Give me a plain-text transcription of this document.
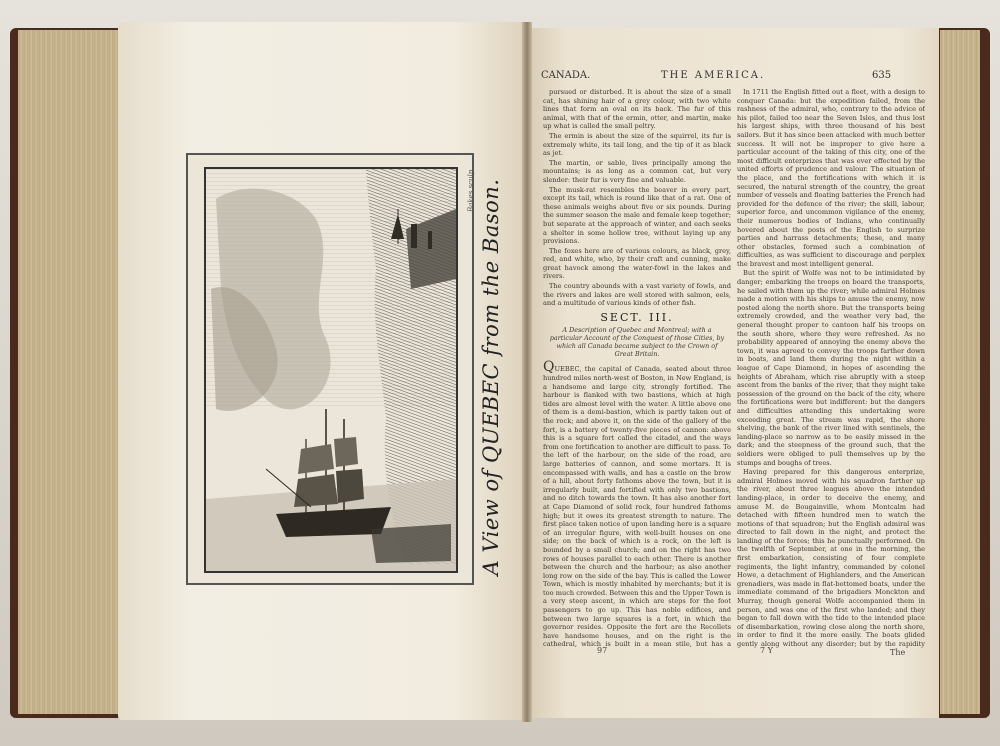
A View of QUEBEC from the Bason.
Bakes sculp.
CANADA.	THE AMERICA.	635

pursued or disturbed. It is about the size of a small cat, has shining hair of a grey colour, with two white lines that form an oval on its back. The fur of this animal, with that of the ermin, otter, and martin, make up what is called the small peltry.

The ermin is about the size of the squirrel, its fur is extremely white, its tail long, and the tip of it as black as jet.

The martin, or sable, lives principally among the mountains; is as long as a common cat, but very slender: their fur is very fine and valuable.

The musk-rat resembles the beaver in every part, except its tail, which is round like that of a rat. One of these animals weighs about five or six pounds. During the summer season the male and female keep together; but separate at the approach of winter, and each seeks a shelter in some hollow tree, without laying up any provisions.

The foxes here are of various colours, as black, grey, red, and white, who, by their craft and cunning, make great havock among the water-fowl in the lakes and rivers.

The country abounds with a vast variety of fowls, and the rivers and lakes are well stored with salmon, eels, and a multitude of various kinds of other fish.

SECT. III.
A Description of Quebec and Montreal; with a particular Account of the Conquest of those Cities, by which all Canada became subject to the Crown of Great Britain.

QUEBEC, the capital of Canada, seated about three hundred miles north-west of Boston, in New England, is a handsome and large city, strongly fortified. The harbour is flanked with two bastions, which at high tides are almost level with the water. A little above one of them is a demi-bastion, which is partly taken out of the rock; and above it, on the side of the gallery of the fort, is a battery of twenty-five pieces of cannon: above this is a square fort called the citadel, and the ways from one fortification to another are difficult to pass. To the left of the harbour, on the side of the road, are large batteries of cannon, and some mortars. It is encompassed with walls, and has a castle on the brow of a hill, about forty fathoms above the town, but it is irregularly built, and fortified with only two bastions, and no ditch towards the town. It has also another fort at Cape Diamond of solid rock, four hundred fathoms high; but it owes its greatest strength to nature. The first place taken notice of upon landing here is a square of an irregular figure, with well-built houses on one side; on the back of which is a rock, on the left is bounded by a small church; and on the right has two rows of houses parallel to each other. There is another between the church and the harbour; as also another long row on the side of the bay. This is called the Lower Town, which is mostly inhabited by merchants; but it is too much crowded. Between this and the Upper Town is a very steep ascent, in which are steps for the foot passengers to go up. This has noble edifices, and between two large squares is a fort, in which the governor resides. Opposite the fort are the Recollets have handsome houses, and on the right is the cathedral, which is built in a mean stile, but has a

In 1711 the English fitted out a fleet, with a design to conquer Canada: but the expedition failed, from the rashness of the admiral, who, contrary to the advice of his pilot, failed too near the Seven Isles, and thus lost his largest ships, with three thousand of his best sailors. But it has since been attacked with much better success. It will not be improper to give here a particular account of the taking of this city, one of the most difficult enterprizes that was ever effected by the united efforts of prudence and valour. The situation of the place, and the fortifications with which it is secured, the natural strength of the country, the great number of vessels and floating batteries the French had provided for the defence of the river; the skill, labour, superior force, and uncommon vigilance of the enemy, their numerous bodies of Indians, who continually hovered about the posts of the English to surprize parties and harrass detachments; these, and many other obstacles, formed such a combination of difficulties, as was sufficient to discourage and perplex the bravest and most intelligent general.

But the spirit of Wolfe was not to be intimidated by danger; embarking the troops on board the transports, he sailed with them up the river; while admiral Holmes made a motion with his ships to amuse the enemy, now posted along the north shore. But the transports being extremely crowded, and the weather very bad, the general thought proper to cantoon half his troops on the south shore, where they were refreshed. As no probability appeared of annoying the enemy above the town, it was agreed to convey the troops farther down in boats, and land them during the night within a league of Cape Diamond, in hopes of ascending the heights of Abraham, which rise abruptly with a steep ascent from the banks of the river, that they might take possession of the ground on the back of the city, where the fortifications were but indifferent: but the dangers and difficulties attending this undertaking were exceeding great. The stream was rapid, the shore shelving, the bank of the river lined with sentinels, the landing-place so narrow as to be easily missed in the dark; and the steepness of the ground such, that the soldiers were obliged to pull themselves up by the stumps and boughs of trees.

Having prepared for this dangerous enterprize, admiral Holmes moved with his squadron farther up the river, about three leagues above the intended landing-place, in order to deceive the enemy, and amuse M. de Bougainville, whom Montcalm had detached with fifteen hundred men to watch the motions of that squadron; but the English admiral was directed to fall down in the night, and protect the landing of the forces; this he punctually performed. On the twelfth of September, at one in the morning, the first embarkation, consisting of four complete regiments, the light infantry, commanded by colonel Howe, a detachment of Highlanders, and the American grenadiers, was made in flat-bottomed boats, under the immediate command of the brigadiers Monckton and Murray, though general Wolfe accompanied them in person, and was one of the first who landed; and they began to fall down with the tide to the intended place of disembarkation, rowing close along the north shore, in order to find it the more easily. The boats glided gently along without any disorder; but by the rapidity

97	7 Y	The
